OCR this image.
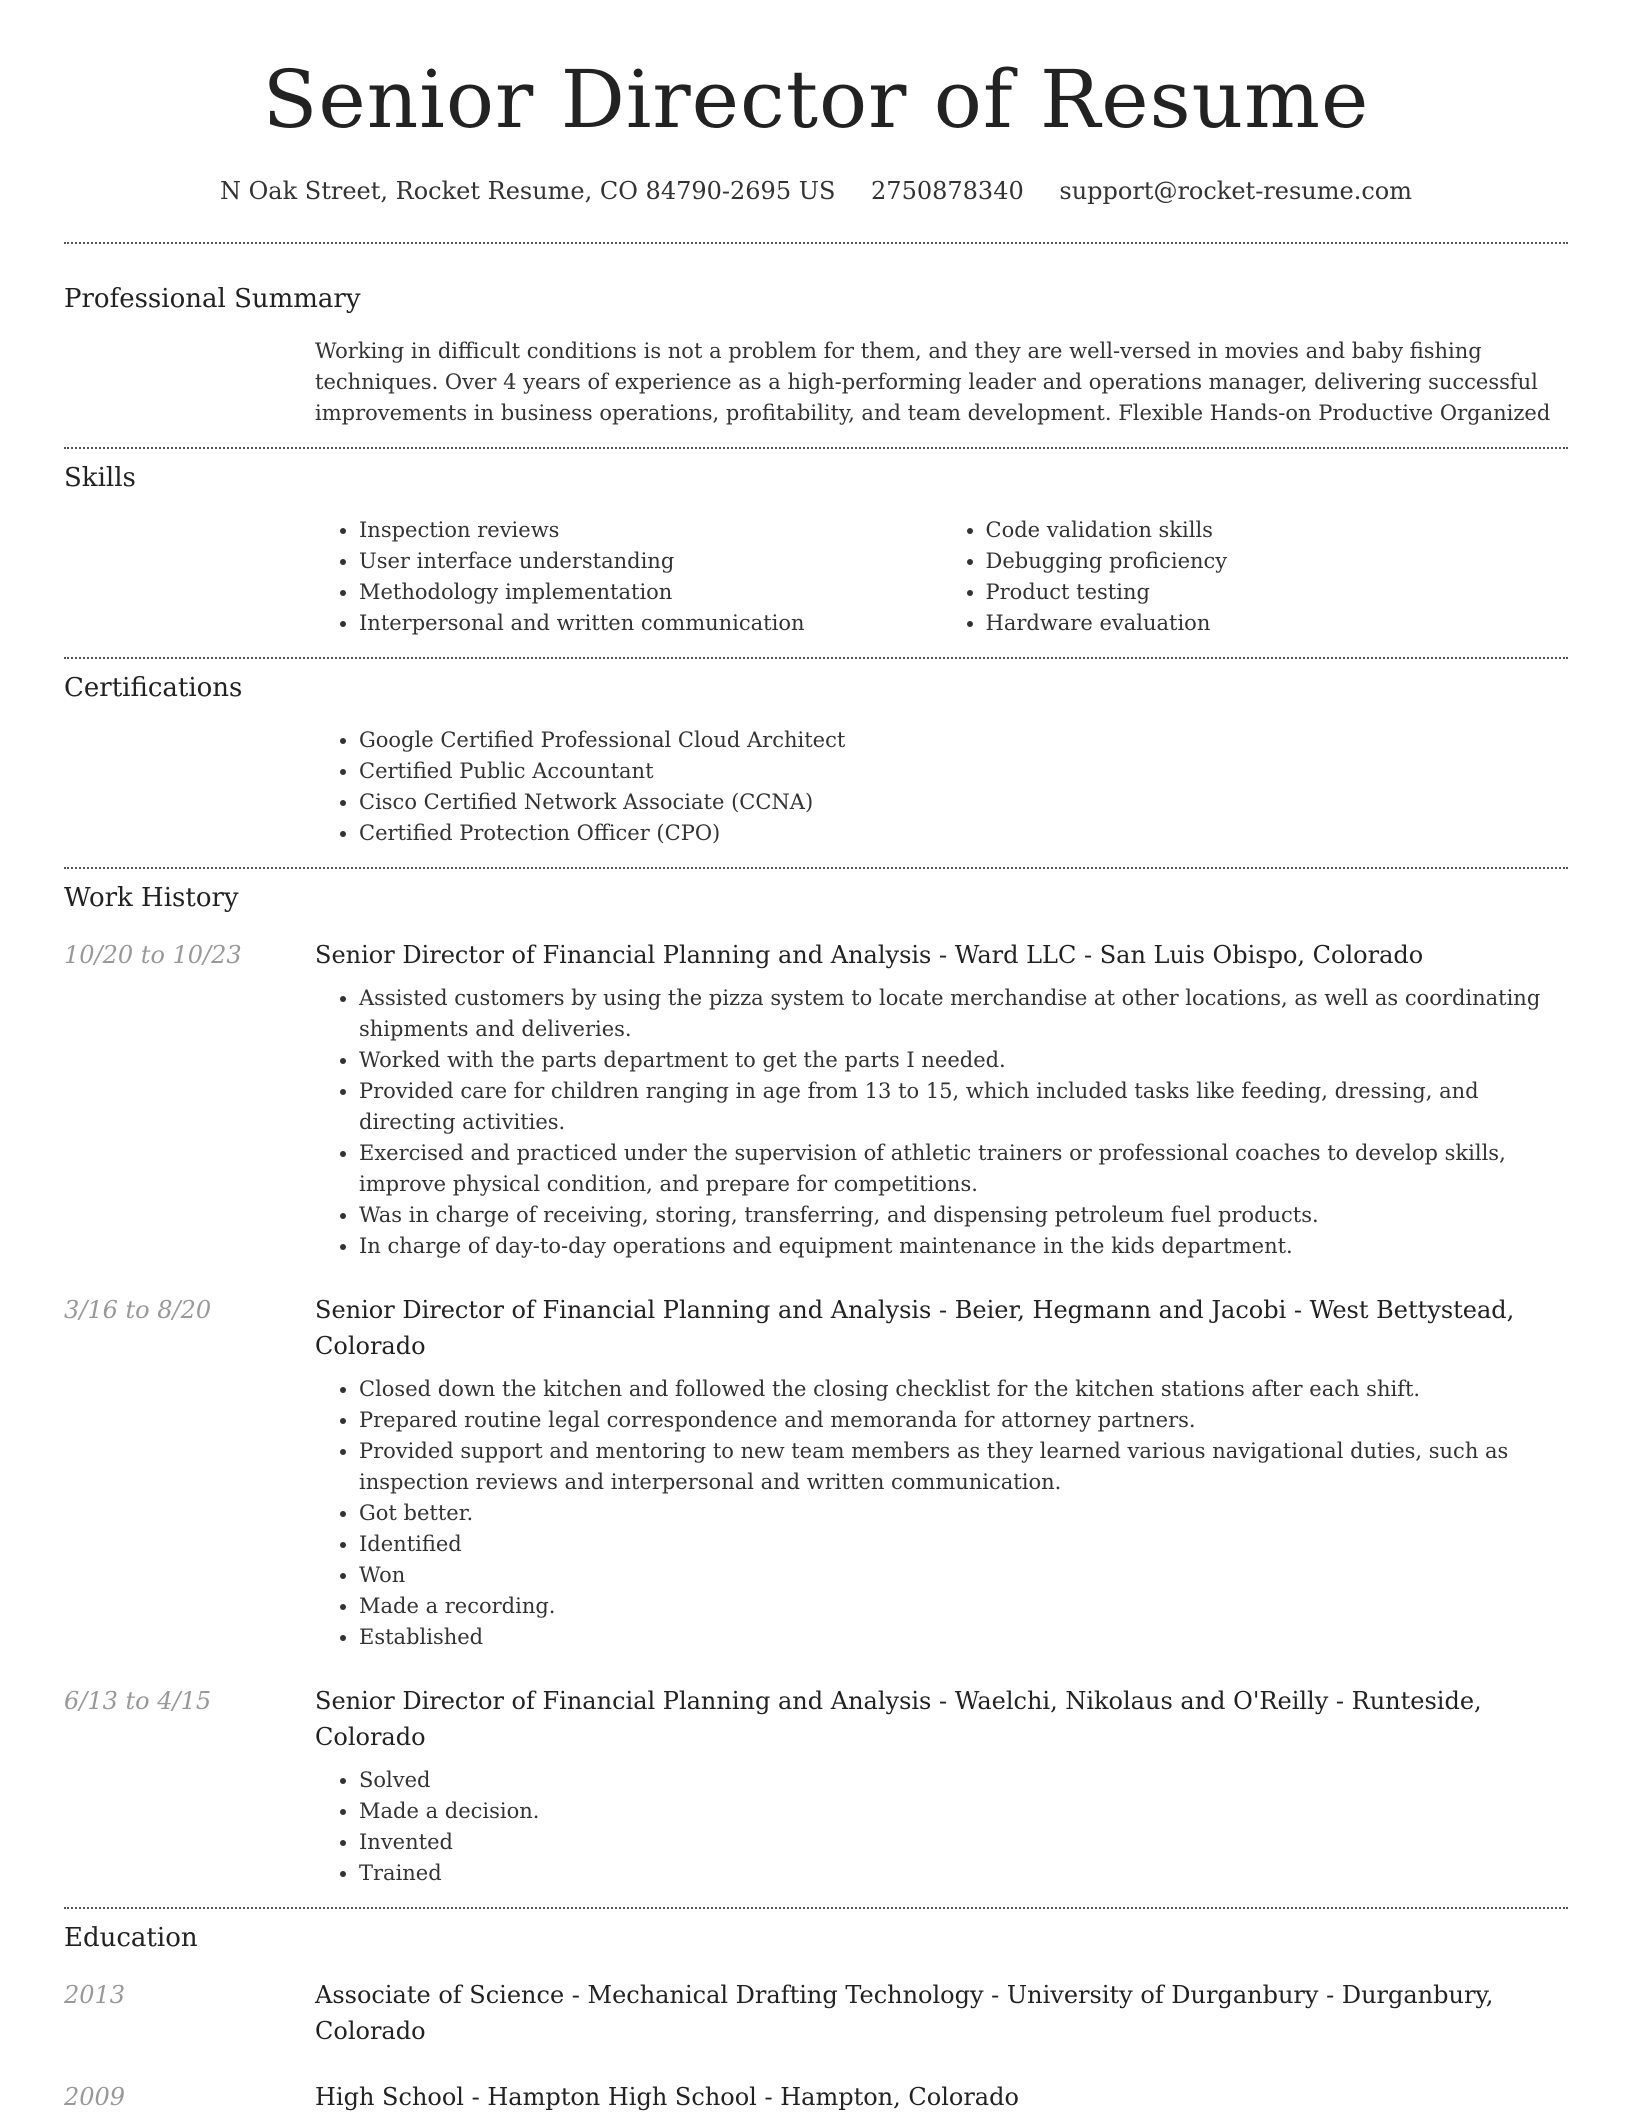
Senior Director of Resume
N Oak Street, Rocket Resume, CO 84790-2695 US 2750878340 support@rocket-resume.com
Professional Summary

Working in difficult conditions is not a problem for them, and they are well-versed in movies and baby fishing techniques. Over 4 years of experience as a high-performing leader and operations manager, delivering successful improvements in business operations, profitability, and team development. Flexible Hands-on Productive Organized

Skills
• Inspection reviews
• User interface understanding
• Methodology implementation
• Interpersonal and written communication
• Code validation skills
• Debugging proficiency
• Product testing
• Hardware evaluation
Certifications
• Google Certified Professional Cloud Architect
• Certified Public Accountant
• Cisco Certified Network Associate (CCNA)
• Certified Protection Officer (CPO)
Work History
10/20 to 10/23	Senior Director of Financial Planning and Analysis - Ward LLC - San Luis Obispo, Colorado
• Assisted customers by using the pizza system to locate merchandise at other locations, as well as coordinating shipments and deliveries.
• Worked with the parts department to get the parts I needed.
• Provided care for children ranging in age from 13 to 15, which included tasks like feeding, dressing, and directing activities.
• Exercised and practiced under the supervision of athletic trainers or professional coaches to develop skills, improve physical condition, and prepare for competitions.
• Was in charge of receiving, storing, transferring, and dispensing petroleum fuel products.
• In charge of day-to-day operations and equipment maintenance in the kids department.
3/16 to 8/20	Senior Director of Financial Planning and Analysis - Beier, Hegmann and Jacobi - West Bettystead, Colorado
• Closed down the kitchen and followed the closing checklist for the kitchen stations after each shift.
• Prepared routine legal correspondence and memoranda for attorney partners.
• Provided support and mentoring to new team members as they learned various navigational duties, such as inspection reviews and interpersonal and written communication.
• Got better.
• Identified
• Won
• Made a recording.
• Established
6/13 to 4/15	Senior Director of Financial Planning and Analysis - Waelchi, Nikolaus and O'Reilly - Runteside, Colorado
• Solved
• Made a decision.
• Invented
• Trained
Education
2013	Associate of Science - Mechanical Drafting Technology - University of Durganbury - Durganbury, Colorado
2009	High School - Hampton High School - Hampton, Colorado
